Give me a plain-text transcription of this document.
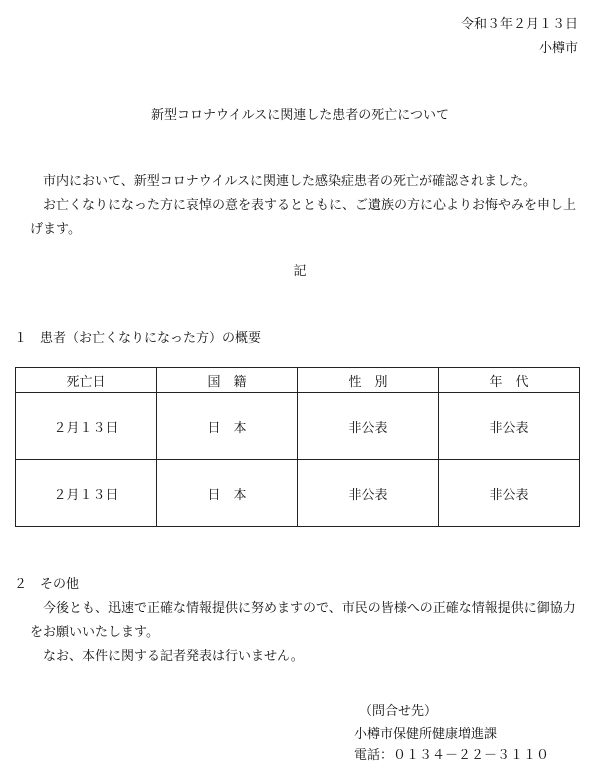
令和３年２月１３日
小樽市
新型コロナウイルスに関連した患者の死亡について
市内において、新型コロナウイルスに関連した感染症患者の死亡が確認されました。
お亡くなりになった方に哀悼の意を表するとともに、ご遺族の方に心よりお悔やみを申し上げます。
記
１　患者（お亡くなりになった方）の概要
死亡日	国　籍	性　別	年　代
２月１３日	日　本	非公表	非公表
２月１３日	日　本	非公表	非公表
２　その他
今後とも、迅速で正確な情報提供に努めますので、市民の皆様への正確な情報提供に御協力をお願いいたします。
なお、本件に関する記者発表は行いません。
（問合せ先）
小樽市保健所健康増進課
電話：０１３４－２２－３１１０
